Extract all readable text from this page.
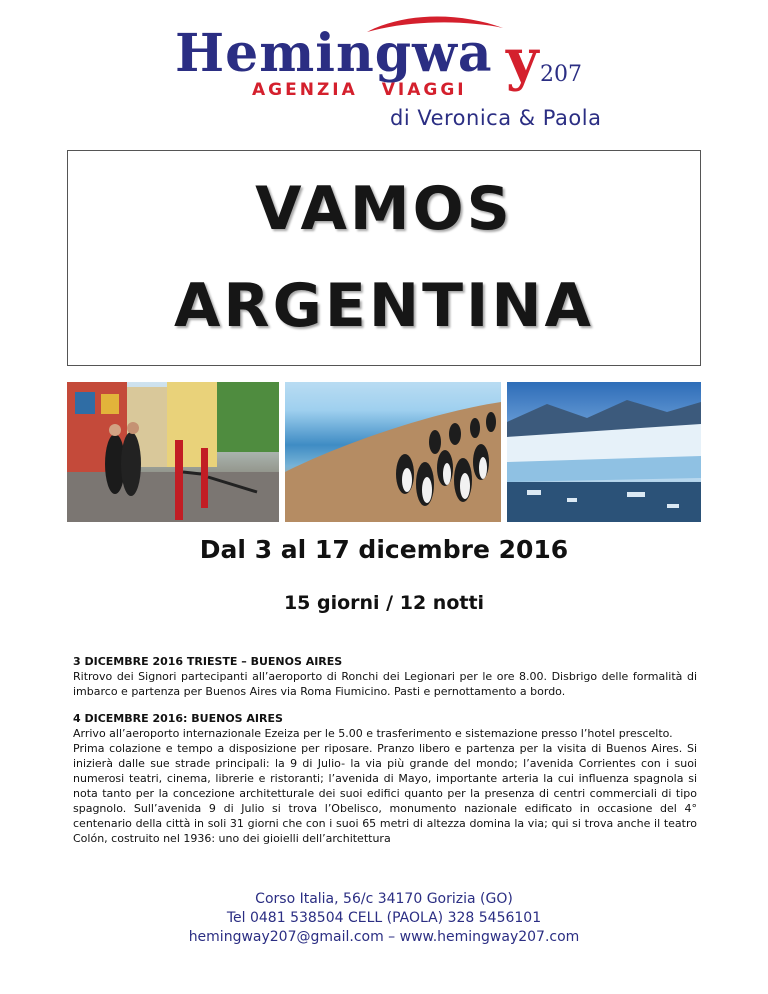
Hemingwa y 207
AGENZIA VIAGGI
di Veronica & Paola
VAMOS
ARGENTINA
Dal 3 al 17 dicembre 2016
15 giorni / 12 notti

3 DICEMBRE 2016 TRIESTE – BUENOS AIRES

Ritrovo dei Signori partecipanti all’aeroporto di Ronchi dei Legionari per le ore 8.00. Disbrigo delle formalità di imbarco e partenza per Buenos Aires via Roma Fiumicino. Pasti e pernottamento a bordo.

4 DICEMBRE 2016: BUENOS AIRES

Arrivo all’aeroporto internazionale Ezeiza per le 5.00 e trasferimento e sistemazione presso l’hotel prescelto.

Prima colazione e tempo a disposizione per riposare. Pranzo libero e partenza per la visita di Buenos Aires. Si inizierà dalle sue strade principali: la 9 di Julio- la via più grande del mondo; l’avenida Corrientes con i suoi numerosi teatri, cinema, librerie e ristoranti; l’avenida di Mayo, importante arteria la cui influenza spagnola si nota tanto per la concezione architetturale dei suoi edifici quanto per la presenza di centri commerciali di tipo spagnolo. Sull’avenida 9 di Julio si trova l’Obelisco, monumento nazionale edificato in occasione del 4° centenario della città in soli 31 giorni che con i suoi 65 metri di altezza domina la via; qui si trova anche il teatro Colón, costruito nel 1936: uno dei gioielli dell’architettura

Corso Italia, 56/c 34170 Gorizia (GO)
Tel 0481 538504 CELL (PAOLA) 328 5456101
hemingway207@gmail.com – www.hemingway207.com
